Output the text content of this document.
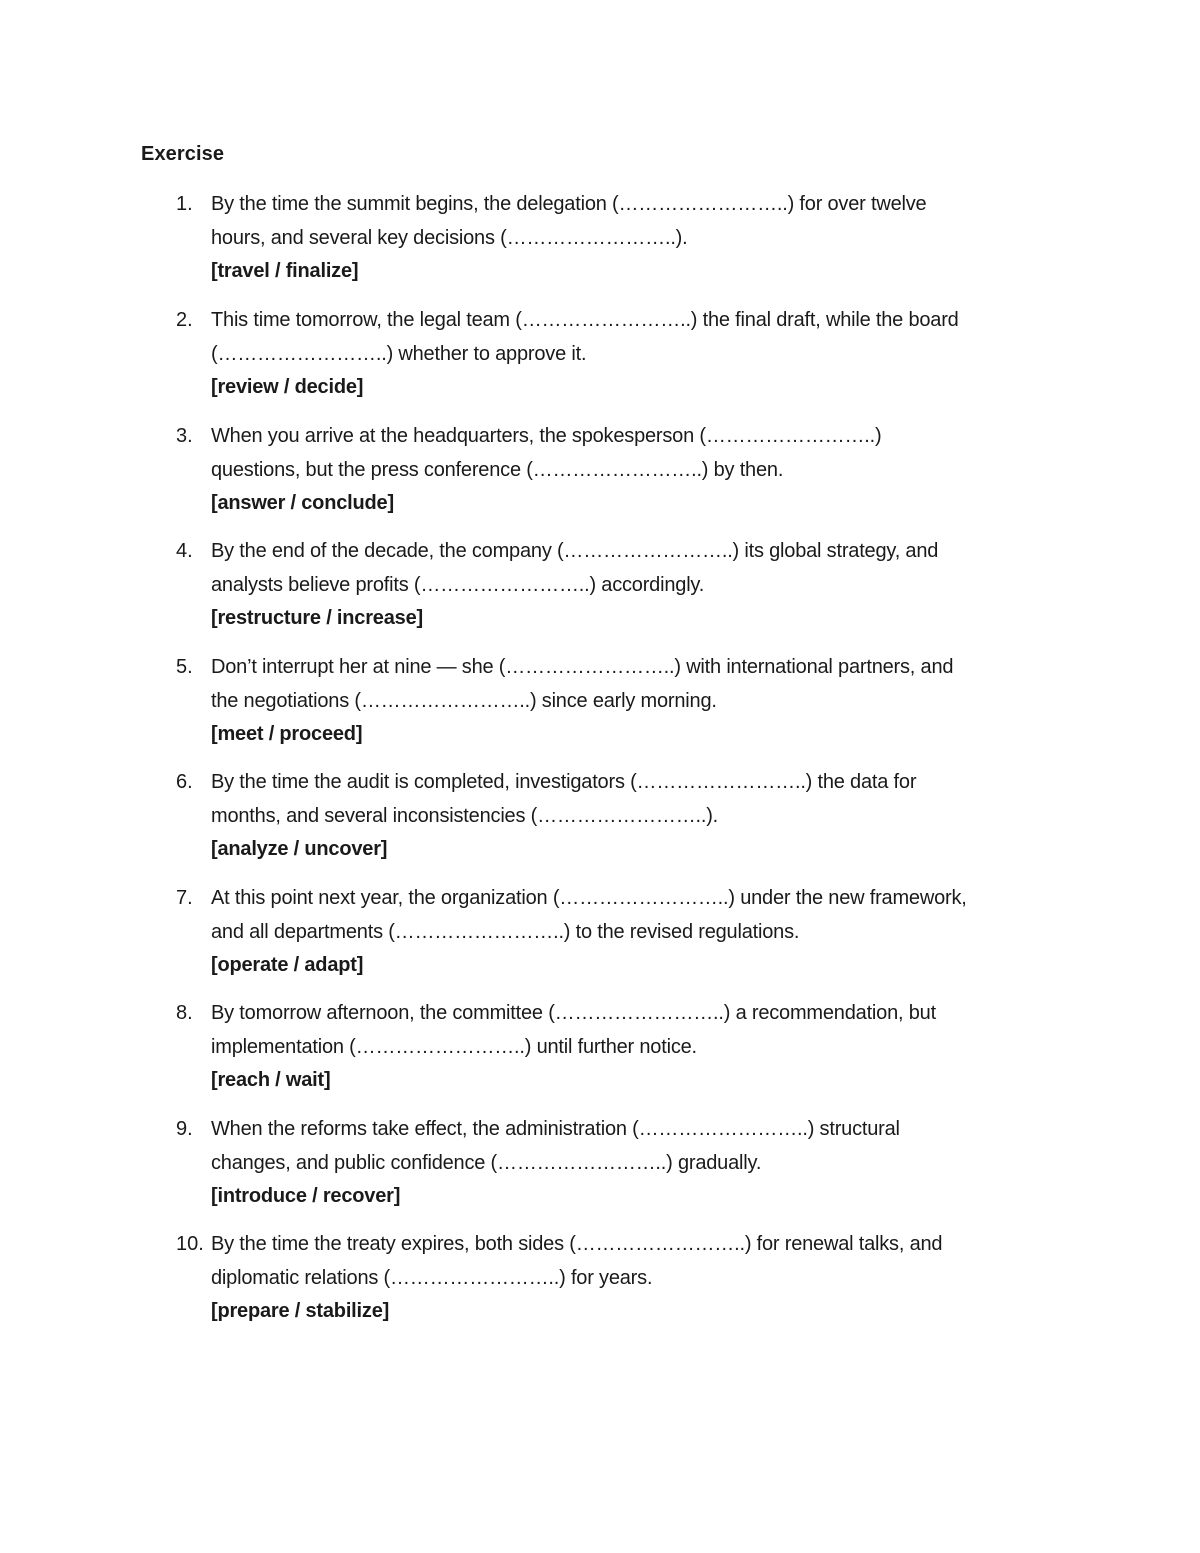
Exercise
1. By the time the summit begins, the delegation (……………………..) for over twelve
hours, and several key decisions (……………………..).
[travel / finalize]
2. This time tomorrow, the legal team (……………………..) the final draft, while the board
(……………………..) whether to approve it.
[review / decide]
3. When you arrive at the headquarters, the spokesperson (……………………..)
questions, but the press conference (……………………..) by then.
[answer / conclude]
4. By the end of the decade, the company (……………………..) its global strategy, and
analysts believe profits (……………………..) accordingly.
[restructure / increase]
5. Don’t interrupt her at nine — she (……………………..) with international partners, and
the negotiations (……………………..) since early morning.
[meet / proceed]
6. By the time the audit is completed, investigators (……………………..) the data for
months, and several inconsistencies (……………………..).
[analyze / uncover]
7. At this point next year, the organization (……………………..) under the new framework,
and all departments (……………………..) to the revised regulations.
[operate / adapt]
8. By tomorrow afternoon, the committee (……………………..) a recommendation, but
implementation (……………………..) until further notice.
[reach / wait]
9. When the reforms take effect, the administration (……………………..) structural
changes, and public confidence (……………………..) gradually.
[introduce / recover]
10. By the time the treaty expires, both sides (……………………..) for renewal talks, and
diplomatic relations (……………………..) for years.
[prepare / stabilize]
